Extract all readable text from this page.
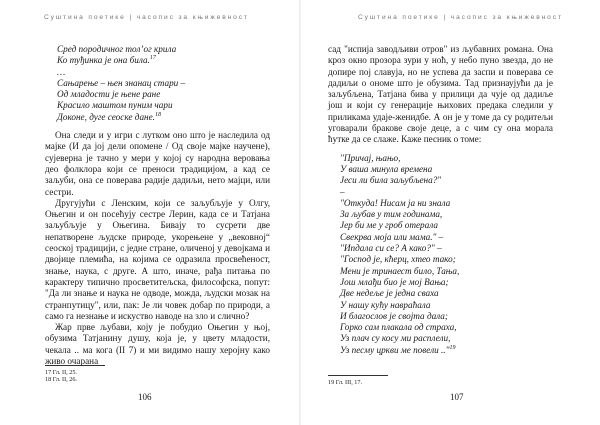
Суштина поетике | часопис за књижевност
Сред породичног тол’ог крила
Ко туђинка је она била.$^{17}$
…
Сањарење – њен знанац стари –
Од младости је њене ране
Красило маштом пуним чари
Доконе, дуге сеоске дане.$^{18}$

Она следи и у игри с лутком оно што је наследила од мајке (И да јој дели опомене / Од своје мајке научене), сујеверна је тачно у мери у којој су народна веровања део фолклора који се преноси традицијом, а кад се заљуби, она се поверава радије дадиљи, нето мајци, или сестри.

Другујући с Ленским, који се заљубљује у Олгу, Оњегин и он посећују сестре Лерин, када се и Татјана заљубљује у Оњегина. Бивају то сусрети две непатворене људске природе, укорењене у „вековној“ сеоској традицији, с једне стране, оличеној у девојкама и двојице племића, на којима се одразила просвећеност, знање, наука, с друге. А што, иначе, рађа питања по карактеру типично просветитељска, философска, попут: "Да ли знање и наука не одводе, можда, људски мозак на странпутицу", или, пак: Је ли човек добар по природи, а само га незнање и искуство наводе на зло и слично?

Жар прве љубави, коју је побудио Оњегин у њој, обузима Татјанину душу, која је, у цвету младости, чекала .. ма кога (II 7) и ми видимо нашу херојну како живо очарана

17 Гл. II, 25.
18 Гл. II, 26.
106
Суштина поетике | часопис за књижевност

сад "испија заводљиви отров" из љубавних романа. Она кроз окно прозора зури у ноћ, у небо пуно звезда, до не допире пој славуја, но не успева да заспи и поверава се дадиљи о ономе што је обузима. Тад признаујући да је заљубљена, Татјана бива у прилици да чује од дадиље још и који су генерације њихових предака следили у приликама удаје-женидбе. А он је у томе да су родитељи уговарали бракове своје деце, а с чим су она морала ћутке да се слаже. Каже песник о томе:

"Причај, њањо,
У ваша минула времена
Јеси ли била заљубљена?"
–
"Откуда! Нисам ја ни знала
За љубав у тим годинама,
Јер би ме у гроб отерала
Свекрва моја или мама." –
"Ипдала си се? А како?" –
"Господ је, кћерц, хтео тако;
Мени је тринаест било, Тања,
Још млађи био је мој Вања;
Две недеље је једна сваха
У нашу кућу навраћала
И благослов је својта дала;
Горко сам плакала од страха,
Уз плач су косу ми расплели,
Уз песму цркви ме повели .."$^{19}$
19 Гл. III, 17.
107
